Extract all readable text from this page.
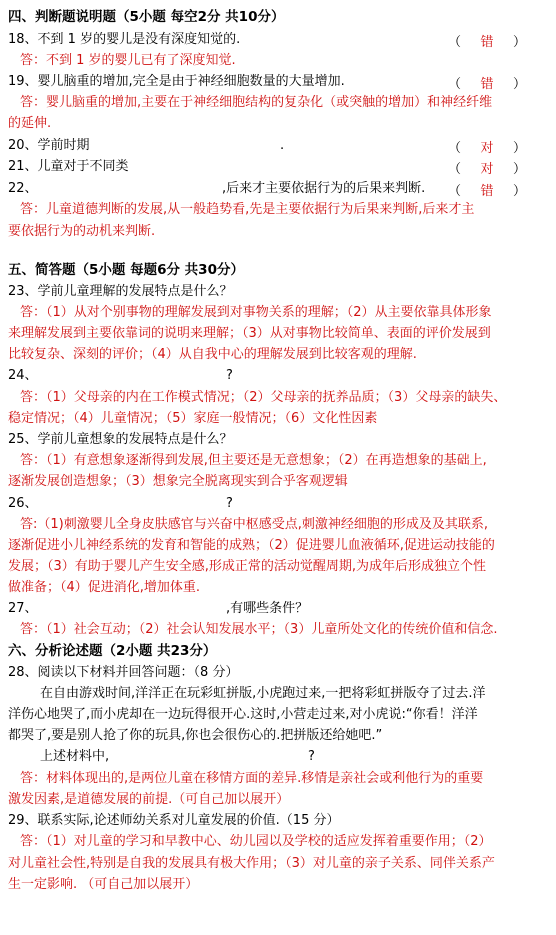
四、判断题说明题（5小题 每空2分 共10分）
18、不到 1 岁的婴儿是没有深度知觉的.	（ 错 ）
答：不到 1 岁的婴儿已有了深度知觉.
19、婴儿脑重的增加,完全是由于神经细胞数量的大量增加.	（ 错 ）
答：婴儿脑重的增加,主要在于神经细胞结构的复杂化（或突触的增加）和神经纤维
的延伸.
20、学前时期	.	（ 对 ）
21、儿童对于不同类	（ 对 ）
22、	,后来才主要依据行为的后果来判断. （ 错 ）
答：儿童道德判断的发展,从一般趋势看,先是主要依据行为后果来判断,后来才主
要依据行为的动机来判断.
五、简答题（5小题 每题6分 共30分）
23、学前儿童理解的发展特点是什么？
答：（1）从对个别事物的理解发展到对事物关系的理解；（2）从主要依靠具体形象
来理解发展到主要依靠词的说明来理解；（3）从对事物比较简单、表面的评价发展到
比较复杂、深刻的评价；（4）从自我中心的理解发展到比较客观的理解.
24、	?
答：（1）父母亲的内在工作模式情况；（2）父母亲的抚养品质；（3）父母亲的缺失、
稳定情况；（4）儿童情况；（5）家庭一般情况；（6）文化性因素
25、学前儿童想象的发展特点是什么？
答：（1）有意想象逐渐得到发展,但主要还是无意想象；（2）在再造想象的基础上,
逐渐发展创造想象；（3）想象完全脱离现实到合乎客观逻辑
26、	?
答:（1)刺激婴儿全身皮肤感官与兴奋中枢感受点,刺激神经细胞的形成及及其联系,
逐渐促进小儿神经系统的发育和智能的成熟；（2）促进婴儿血液循环,促进运动技能的
发展；（3）有助于婴儿产生安全感,形成正常的活动觉醒周期,为成年后形成独立个性
做准备；（4）促进消化,增加体重.
27、	,有哪些条件？
答：（1）社会互动；（2）社会认知发展水平；（3）儿童所处文化的传统价值和信念.
六、分析论述题（2小题 共23分）
28、阅读以下材料并回答问题：（8 分）
在自由游戏时间,洋洋正在玩彩虹拼版,小虎跑过来,一把将彩虹拼版夺了过去.洋
洋伤心地哭了,而小虎却在一边玩得很开心.这时,小营走过来,对小虎说:“你看！洋洋
都哭了,要是别人抢了你的玩具,你也会很伤心的.把拼版还给她吧.”
上述材料中,	?
答：材料体现出的,是两位儿童在移情方面的差异.移情是亲社会或利他行为的重要
激发因素,是道德发展的前提.（可自己加以展开）
29、联系实际,论述师幼关系对儿童发展的价值.（15 分）
答：（1）对儿童的学习和早教中心、幼儿园以及学校的适应发挥着重要作用；（2）
对儿童社会性,特别是自我的发展具有极大作用；（3）对儿童的亲子关系、同伴关系产
生一定影响. （可自己加以展开）
